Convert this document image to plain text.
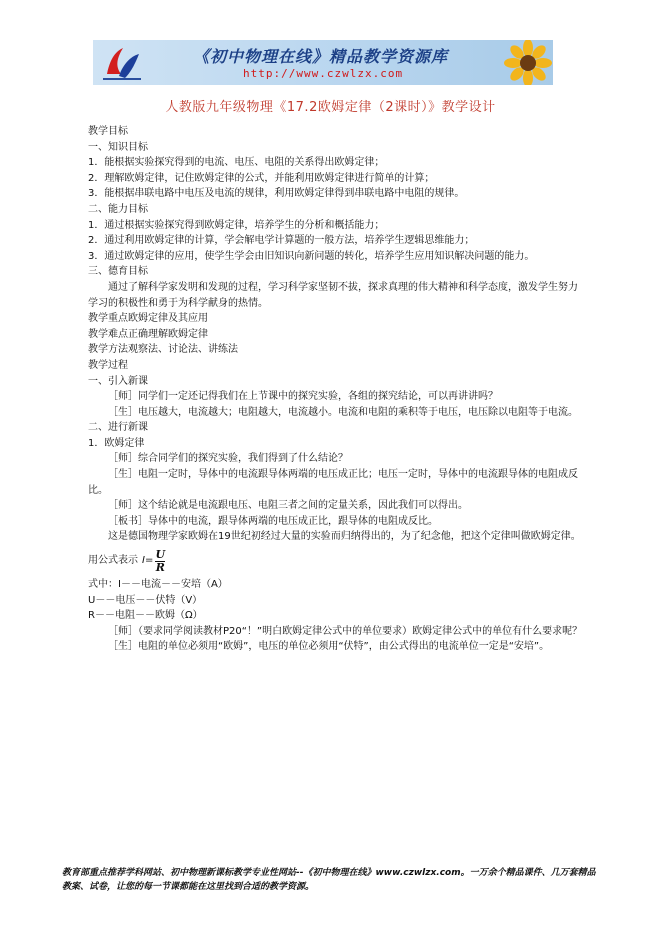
《初中物理在线》精品教学资源库
http://www.czwlzx.com
人教版九年级物理《17.2欧姆定律（2课时）》教学设计

教学目标

一、知识目标

1．能根据实验探究得到的电流、电压、电阻的关系得出欧姆定律；

2．理解欧姆定律，记住欧姆定律的公式，并能利用欧姆定律进行简单的计算；

3．能根据串联电路中电压及电流的规律，利用欧姆定律得到串联电路中电阻的规律。

二、能力目标

1．通过根据实验探究得到欧姆定律，培养学生的分析和概括能力；

2．通过利用欧姆定律的计算，学会解电学计算题的一般方法，培养学生逻辑思维能力；

3．通过欧姆定律的应用，使学生学会由旧知识向新问题的转化，培养学生应用知识解决问题的能力。

三、德育目标

通过了解科学家发明和发现的过程，学习科学家坚韧不拔，探求真理的伟大精神和科学态度，激发学生努力学习的积极性和勇于为科学献身的热情。

教学重点欧姆定律及其应用

教学难点正确理解欧姆定律

教学方法观察法、讨论法、讲练法

教学过程

一、引入新课

［师］同学们一定还记得我们在上节课中的探究实验，各组的探究结论，可以再讲讲吗？

［生］电压越大，电流越大；电阻越大，电流越小。电流和电阻的乘积等于电压，电压除以电阻等于电流。

二、进行新课

1．欧姆定律

［师］综合同学们的探究实验，我们得到了什么结论？

［生］电阻一定时，导体中的电流跟导体两端的电压成正比；电压一定时，导体中的电流跟导体的电阻成反比。

［师］这个结论就是电流跟电压、电阻三者之间的定量关系，因此我们可以得出。

［板书］导体中的电流，跟导体两端的电压成正比，跟导体的电阻成反比。

这是德国物理学家欧姆在19世纪初经过大量的实验而归纳得出的，为了纪念他，把这个定律叫做欧姆定律。

用公式表示 $I= \frac{U}{R}$

式中：I－－电流－－安培（A）

U－－电压－－伏特（V）

R－－电阻－－欧姆（Ω）

［师］（要求同学阅读教材P20“！”明白欧姆定律公式中的单位要求）欧姆定律公式中的单位有什么要求呢？

［生］电阻的单位必须用“欧姆”，电压的单位必须用“伏特”，由公式得出的电流单位一定是“安培”。

教育部重点推荐学科网站、初中物理新课标教学专业性网站--《初中物理在线》www.czwlzx.com。一万余个精品课件、几万套精品教案、试卷，让您的每一节课都能在这里找到合适的教学资源。
